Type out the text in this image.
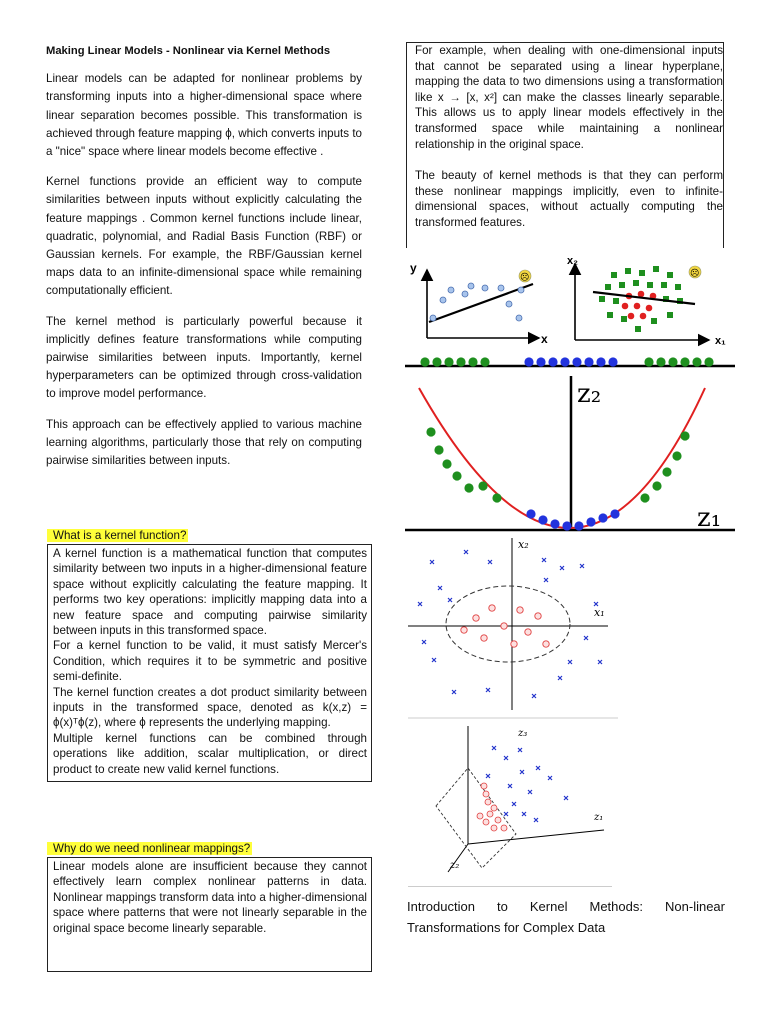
Making Linear Models - Nonlinear via Kernel Methods

Linear models can be adapted for nonlinear problems by transforming inputs into a higher-dimensional space where linear separation becomes possible. This transformation is achieved through feature mapping ϕ, which converts inputs to a "nice" space where linear models become effective .

Kernel functions provide an efficient way to compute similarities between inputs without explicitly calculating the feature mappings . Common kernel functions include linear, quadratic, polynomial, and Radial Basis Function (RBF) or Gaussian kernels. For example, the RBF/Gaussian kernel maps data to an infinite-dimensional space while remaining computationally efficient.

The kernel method is particularly powerful because it implicitly defines feature transformations while computing pairwise similarities between inputs. Importantly, kernel hyperparameters can be optimized through cross-validation to improve model performance.

This approach can be effectively applied to various machine learning algorithms, particularly those that rely on computing pairwise similarities between inputs.

What is a kernel function?

A kernel function is a mathematical function that computes similarity between two inputs in a higher-dimensional feature space without explicitly calculating the feature mapping. It performs two key operations: implicitly mapping data into a new feature space and computing pairwise similarity between inputs in this transformed space.

For a kernel function to be valid, it must satisfy Mercer's Condition, which requires it to be symmetric and positive semi-definite.

The kernel function creates a dot product similarity between inputs in the transformed space, denoted as k(x,z) = ϕ(x)ᵀϕ(z), where ϕ represents the underlying mapping.

Multiple kernel functions can be combined through operations like addition, scalar multiplication, or direct product to create new valid kernel functions.

Why do we need nonlinear mappings?

Linear models alone are insufficient because they cannot effectively learn complex nonlinear patterns in data. Nonlinear mappings transform data into a higher-dimensional space where patterns that were not linearly separable in the original space become linearly separable.

For example, when dealing with one-dimensional inputs that cannot be separated using a linear hyperplane, mapping the data to two dimensions using a transformation like x → [x, x²] can make the classes linearly separable. This allows us to apply linear models effectively in the transformed space while maintaining a nonlinear relationship in the original space.

The beauty of kernel methods is that they can perform these nonlinear mappings implicitly, even to infinite-dimensional spaces, without actually computing the transformed features.

y
x
☹
x₂
x₁
☹
z₂
z₁
x₂
x₁
z₃
z₁
z₂
Introduction to Kernel Methods: Non-linear Transformations for Complex Data
